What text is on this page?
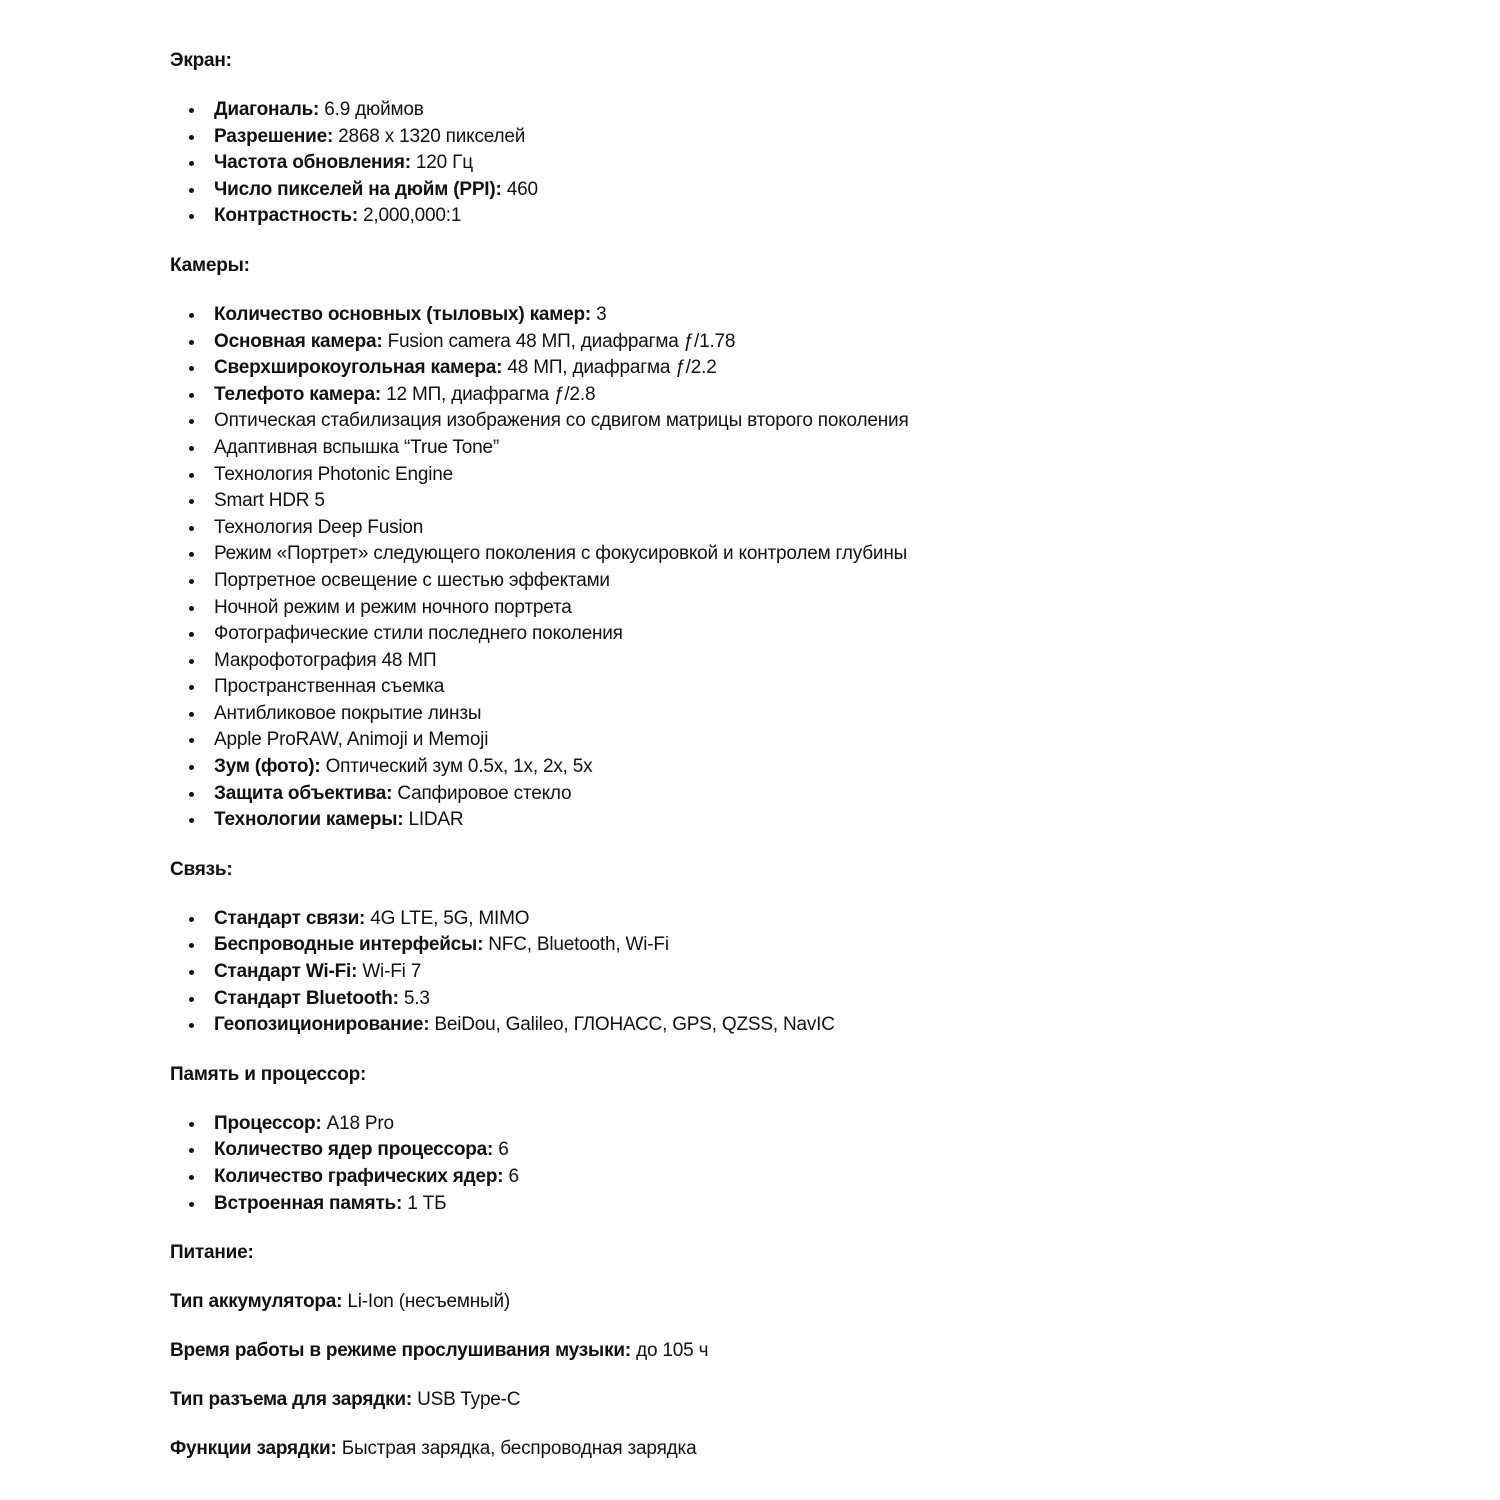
Экран:
Диагональ: 6.9 дюймов
Разрешение: 2868 x 1320 пикселей
Частота обновления: 120 Гц
Число пикселей на дюйм (PPI): 460
Контрастность: 2,000,000:1
Камеры:
Количество основных (тыловых) камер: 3
Основная камера: Fusion camera 48 МП, диафрагма ƒ/1.78
Сверхширокоугольная камера: 48 МП, диафрагма ƒ/2.2
Телефото камера: 12 МП, диафрагма ƒ/2.8
Оптическая стабилизация изображения со сдвигом матрицы второго поколения
Адаптивная вспышка “True Tone”
Технология Photonic Engine
Smart HDR 5
Технология Deep Fusion
Режим «Портрет» следующего поколения с фокусировкой и контролем глубины
Портретное освещение с шестью эффектами
Ночной режим и режим ночного портрета
Фотографические стили последнего поколения
Макрофотография 48 МП
Пространственная съемка
Антибликовое покрытие линзы
Apple ProRAW, Animoji и Memoji
Зум (фото): Оптический зум 0.5x, 1x, 2x, 5x
Защита объектива: Сапфировое стекло
Технологии камеры: LIDAR
Связь:
Стандарт связи: 4G LTE, 5G, MIMO
Беспроводные интерфейсы: NFC, Bluetooth, Wi-Fi
Стандарт Wi-Fi: Wi-Fi 7
Стандарт Bluetooth: 5.3
Геопозиционирование: BeiDou, Galileo, ГЛОНАСС, GPS, QZSS, NavIC
Память и процессор:
Процессор: A18 Pro
Количество ядер процессора: 6
Количество графических ядер: 6
Встроенная память: 1 ТБ
Питание:
Тип аккумулятора: Li-Ion (несъемный)
Время работы в режиме прослушивания музыки: до 105 ч
Тип разъема для зарядки: USB Type-C
Функции зарядки: Быстрая зарядка, беспроводная зарядка
